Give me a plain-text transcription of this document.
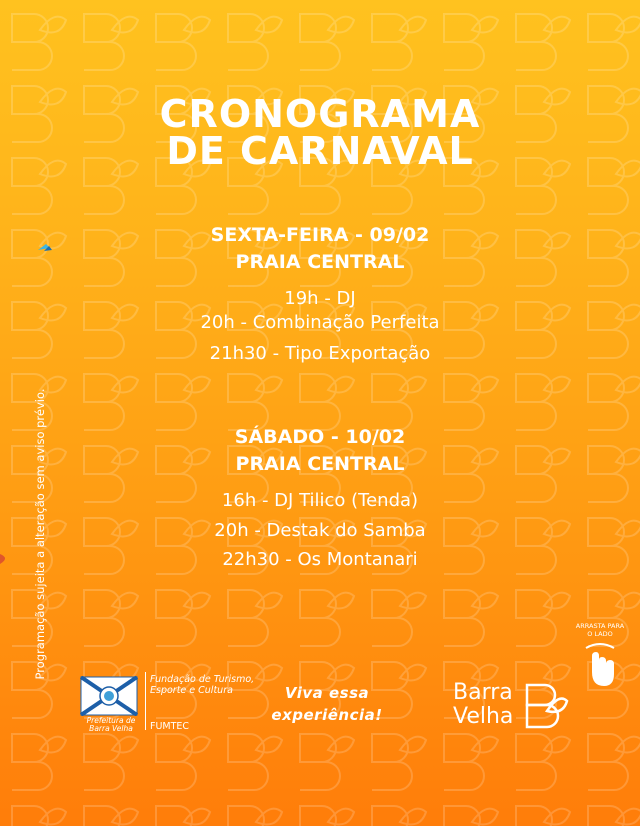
CRONOGRAMA
DE CARNAVAL
SEXTA-FEIRA - 09/02
PRAIA CENTRAL
19h - DJ
20h - Combinação Perfeita
21h30 - Tipo Exportação
SÁBADO - 10/02
PRAIA CENTRAL
16h - DJ Tilico (Tenda)
20h - Destak do Samba
22h30 - Os Montanari
Programação sujeita a alteração sem aviso prévio.
Prefeitura de Barra Velha
Fundação de Turismo, Esporte e Cultura
FUMTEC
Viva essa
experiência!
Barra
Velha
ARRASTA PARA O LADO
